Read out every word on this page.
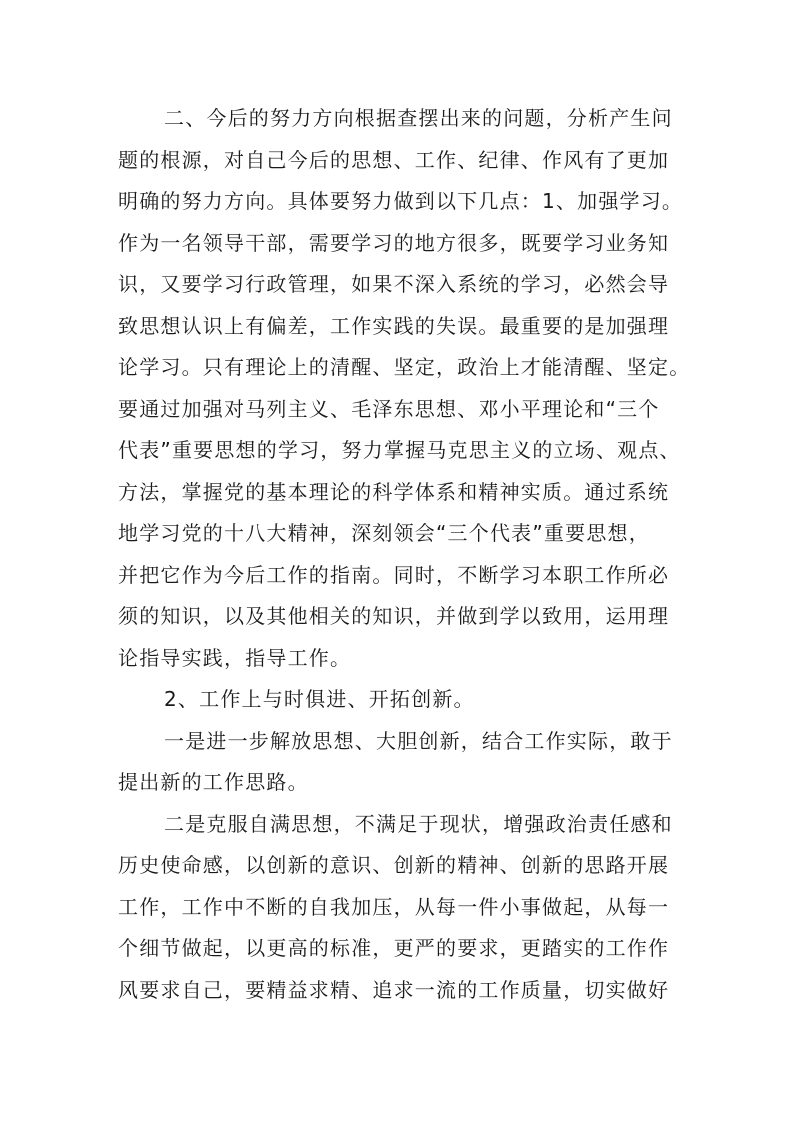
二、今后的努力方向根据查摆出来的问题，分析产生问
题的根源，对自己今后的思想、工作、纪律、作风有了更加
明确的努力方向。具体要努力做到以下几点：1、加强学习。
作为一名领导干部，需要学习的地方很多，既要学习业务知
识，又要学习行政管理，如果不深入系统的学习，必然会导
致思想认识上有偏差，工作实践的失误。最重要的是加强理
论学习。只有理论上的清醒、坚定，政治上才能清醒、坚定。
要通过加强对马列主义、毛泽东思想、邓小平理论和“三个
代表”重要思想的学习，努力掌握马克思主义的立场、观点、
方法，掌握党的基本理论的科学体系和精神实质。通过系统
地学习党的十八大精神，深刻领会“三个代表”重要思想，
并把它作为今后工作的指南。同时，不断学习本职工作所必
须的知识，以及其他相关的知识，并做到学以致用，运用理
论指导实践，指导工作。
2、工作上与时俱进、开拓创新。
一是进一步解放思想、大胆创新，结合工作实际，敢于
提出新的工作思路。
二是克服自满思想，不满足于现状，增强政治责任感和
历史使命感，以创新的意识、创新的精神、创新的思路开展
工作，工作中不断的自我加压，从每一件小事做起，从每一
个细节做起，以更高的标准，更严的要求，更踏实的工作作
风要求自己，要精益求精、追求一流的工作质量，切实做好
